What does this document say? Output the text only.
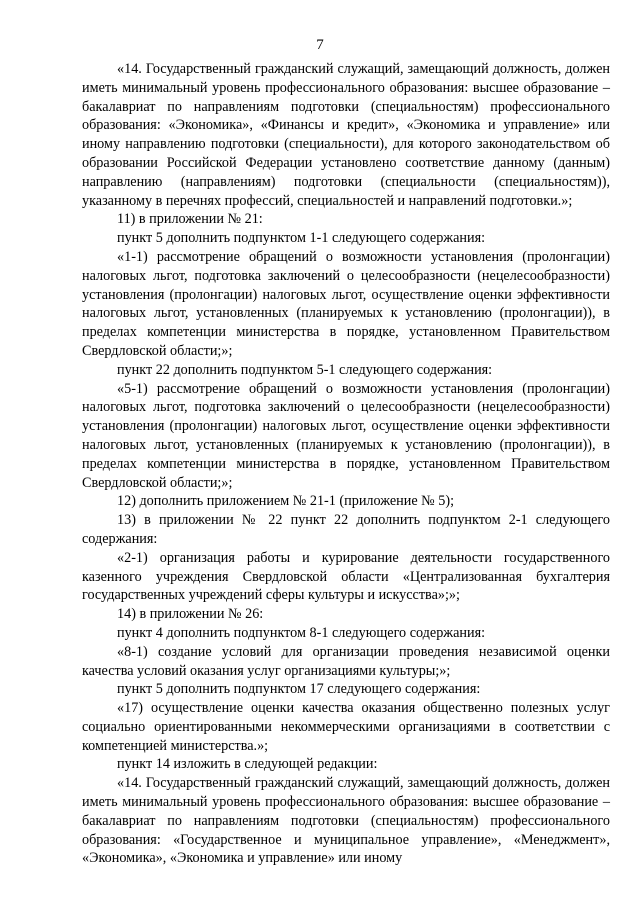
7

«14. Государственный гражданский служащий, замещающий должность, должен иметь минимальный уровень профессионального образования: высшее образование – бакалавриат по направлениям подготовки (специальностям) профессионального образования: «Экономика», «Финансы и кредит», «Экономика и управление» или иному направлению подготовки (специальности), для которого законодательством об образовании Российской Федерации установлено соответствие данному (данным) направлению (направлениям) подготовки (специальности (специальностям)), указанному в перечнях профессий, специальностей и направлений подготовки.»;

11) в приложении № 21:

пункт 5 дополнить подпунктом 1-1 следующего содержания:

«1-1) рассмотрение обращений о возможности установления (пролонгации) налоговых льгот, подготовка заключений о целесообразности (нецелесообразности) установления (пролонгации) налоговых льгот, осуществление оценки эффективности налоговых льгот, установленных (планируемых к установлению (пролонгации)), в пределах компетенции министерства в порядке, установленном Правительством Свердловской области;»;

пункт 22 дополнить подпунктом 5-1 следующего содержания:

«5-1) рассмотрение обращений о возможности установления (пролонгации) налоговых льгот, подготовка заключений о целесообразности (нецелесообразности) установления (пролонгации) налоговых льгот, осуществление оценки эффективности налоговых льгот, установленных (планируемых к установлению (пролонгации)), в пределах компетенции министерства в порядке, установленном Правительством Свердловской области;»;

12) дополнить приложением № 21-1 (приложение № 5);

13) в приложении № 22 пункт 22 дополнить подпунктом 2-1 следующего содержания:

«2-1) организация работы и курирование деятельности государственного казенного учреждения Свердловской области «Централизованная бухгалтерия государственных учреждений сферы культуры и искусства»;»;

14) в приложении № 26:

пункт 4 дополнить подпунктом 8-1 следующего содержания:

«8-1) создание условий для организации проведения независимой оценки качества условий оказания услуг организациями культуры;»;

пункт 5 дополнить подпунктом 17 следующего содержания:

«17) осуществление оценки качества оказания общественно полезных услуг социально ориентированными некоммерческими организациями в соответствии с компетенцией министерства.»;

пункт 14 изложить в следующей редакции:

«14. Государственный гражданский служащий, замещающий должность, должен иметь минимальный уровень профессионального образования: высшее образование – бакалавриат по направлениям подготовки (специальностям) профессионального образования: «Государственное и муниципальное управление», «Менеджмент», «Экономика», «Экономика и управление» или иному
